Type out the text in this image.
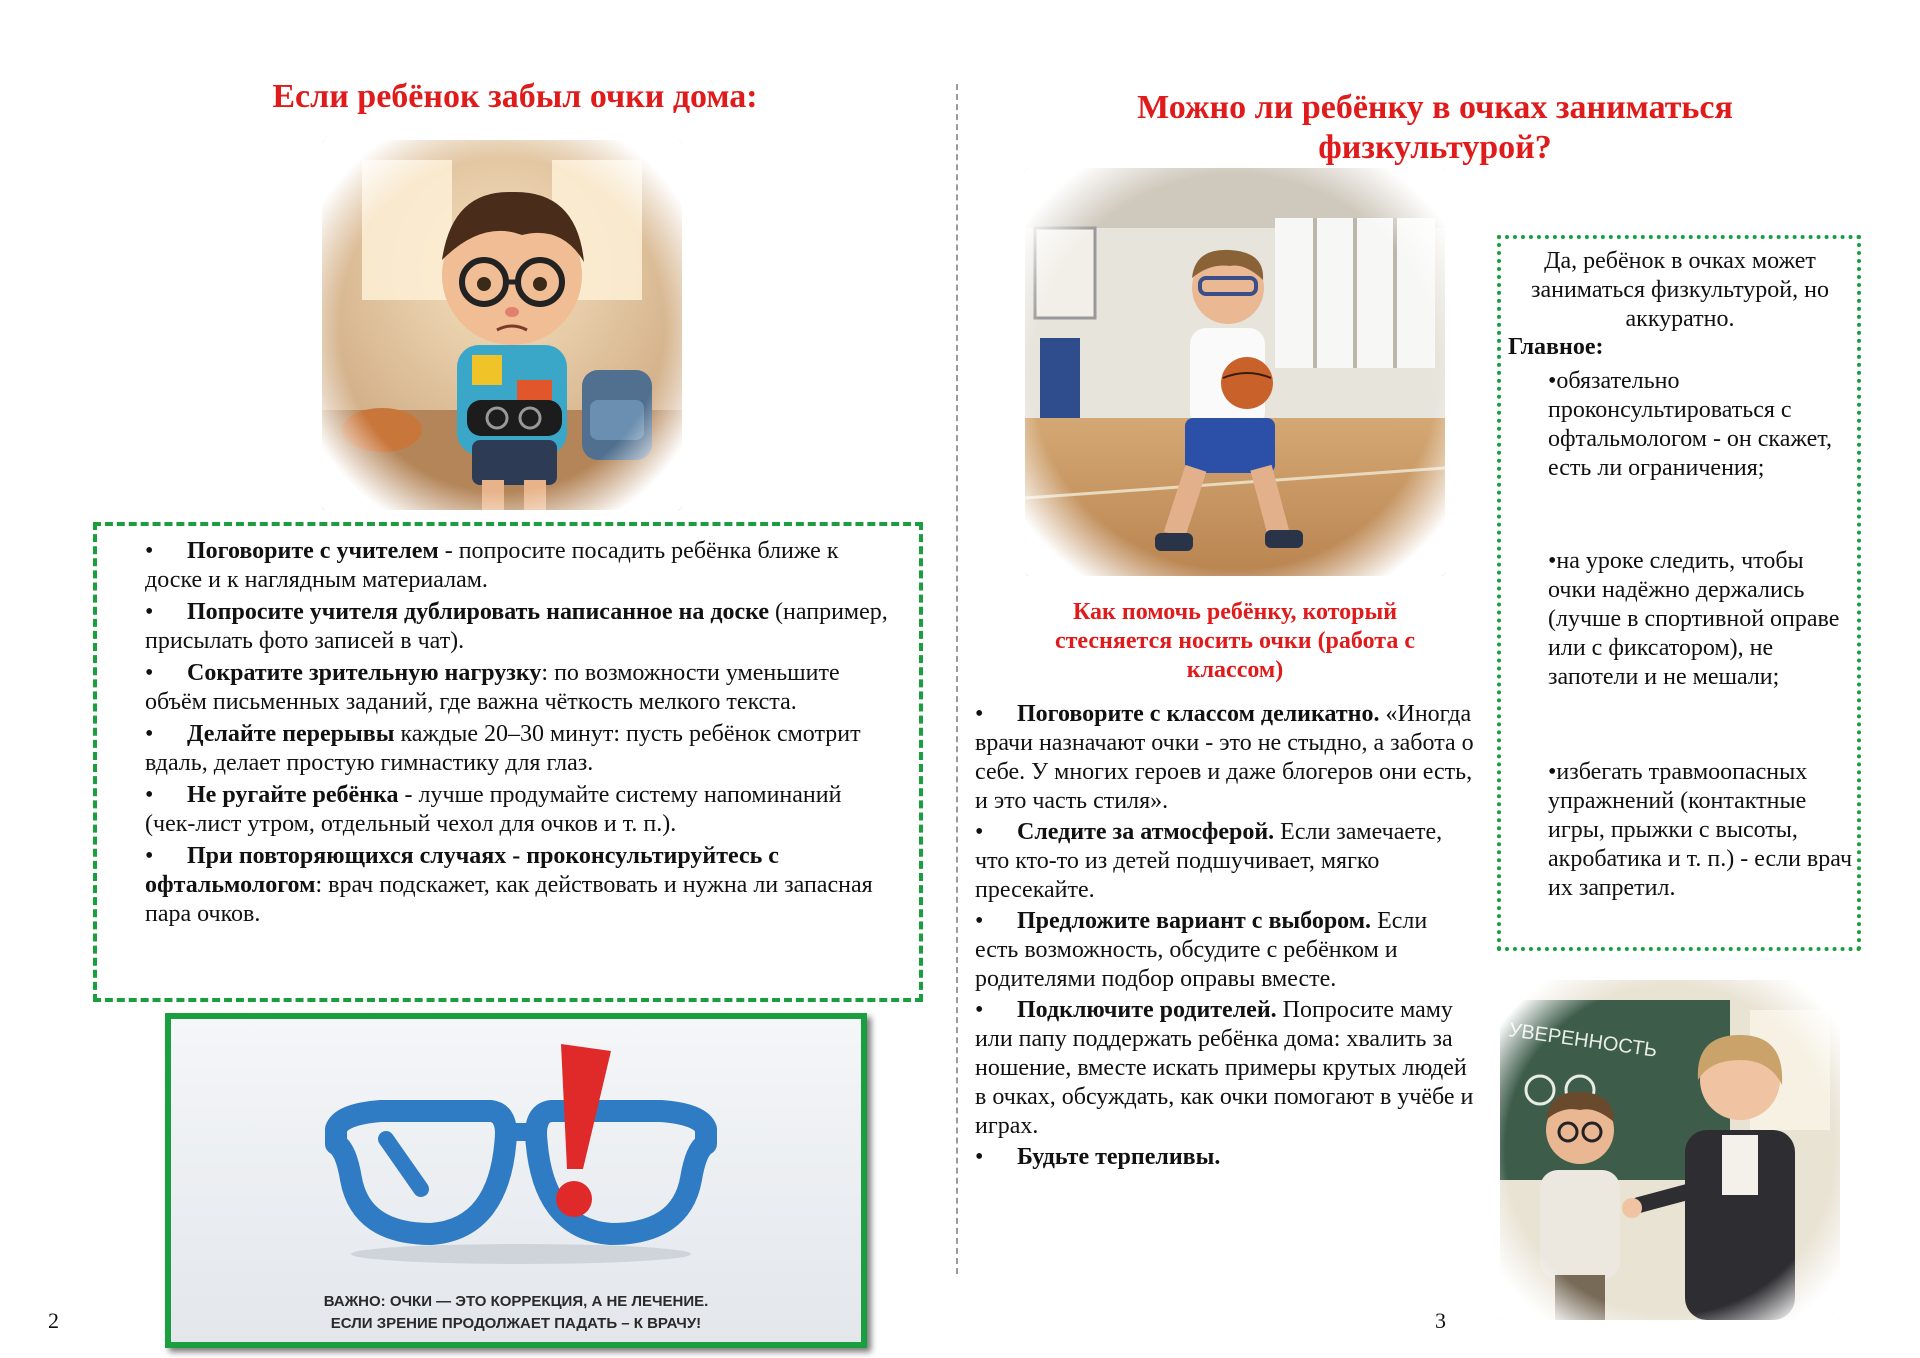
Если ребёнок забыл очки дома:
• Поговорите с учителем - попросите посадить ребёнка ближе к доске и к наглядным материалам.
• Попросите учителя дублировать написанное на доске (например, присылать фото записей в чат).
• Сократите зрительную нагрузку: по возможности уменьшите объём письменных заданий, где важна чёткость мелкого текста.
• Делайте перерывы каждые 20–30 минут: пусть ребёнок смотрит вдаль, делает простую гимнастику для глаз.
• Не ругайте ребёнка - лучше продумайте систему напоминаний (чек-лист утром, отдельный чехол для очков и т. п.).
• При повторяющихся случаях - проконсультируйтесь с офтальмологом: врач подскажет, как действовать и нужна ли запасная пара очков.
ВАЖНО: ОЧКИ — ЭТО КОРРЕКЦИЯ, А НЕ ЛЕЧЕНИЕ.
ЕСЛИ ЗРЕНИЕ ПРОДОЛЖАЕТ ПАДАТЬ – К ВРАЧУ!
2
Можно ли ребёнку в очках заниматься физкультурой?
Да, ребёнок в очках может заниматься физкультурой, но аккуратно.
Главное:
•обязательно проконсультироваться с офтальмологом - он скажет, есть ли ограничения;
•на уроке следить, чтобы очки надёжно держались (лучше в спортивной оправе или с фиксатором), не запотели и не мешали;
•избегать травмоопасных упражнений (контактные игры, прыжки с высоты, акробатика и т. п.) - если врач их запретил.
Как помочь ребёнку, который стесняется носить очки (работа с классом)
• Поговорите с классом деликатно. «Иногда врачи назначают очки - это не стыдно, а забота о себе. У многих героев и даже блогеров они есть, и это часть стиля».
• Следите за атмосферой. Если замечаете, что кто-то из детей подшучивает, мягко пресекайте.
• Предложите вариант с выбором. Если есть возможность, обсудите с ребёнком и родителями подбор оправы вместе.
• Подключите родителей. Попросите маму или папу поддержать ребёнка дома: хвалить за ношение, вместе искать примеры крутых людей в очках, обсуждать, как очки помогают в учёбе и играх.
• Будьте терпеливы.
3
